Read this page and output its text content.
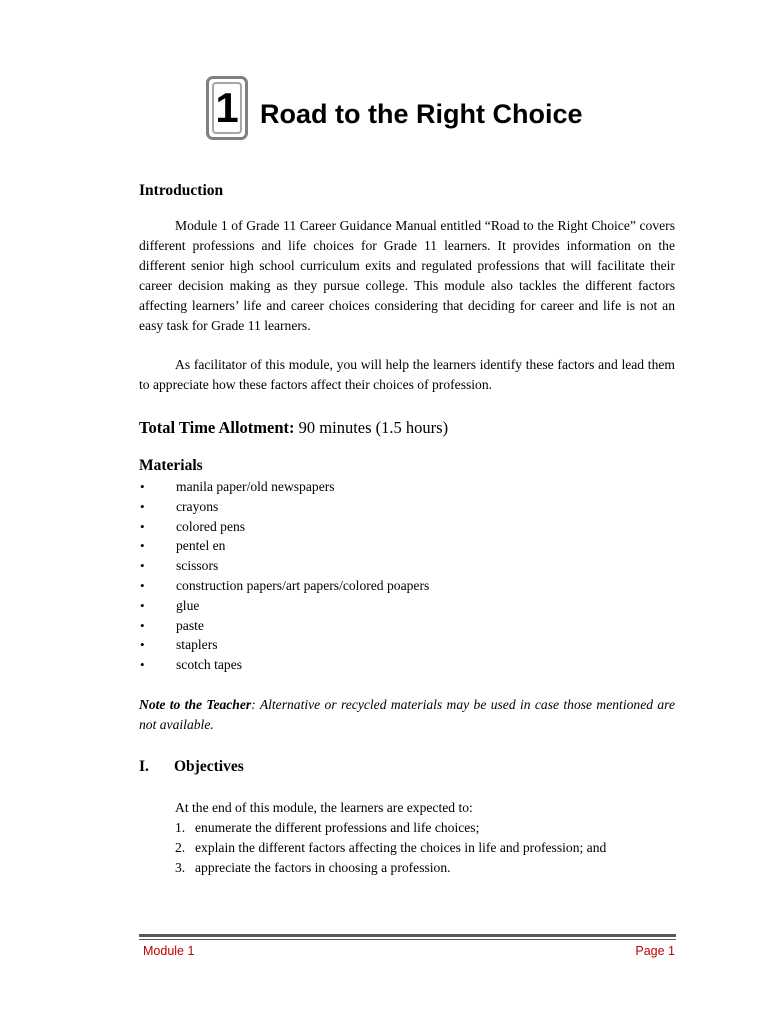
1 Road to the Right Choice
Introduction

Module 1 of Grade 11 Career Guidance Manual entitled “Road to the Right Choice” covers different professions and life choices for Grade 11 learners. It provides information on the different senior high school curriculum exits and regulated professions that will facilitate their career decision making as they pursue college. This module also tackles the different factors affecting learners’ life and career choices considering that deciding for career and life is not an easy task for Grade 11 learners.

As facilitator of this module, you will help the learners identify these factors and lead them to appreciate how these factors affect their choices of profession.

Total Time Allotment: 90 minutes (1.5 hours)
Materials
•	manila paper/old newspapers
•	crayons
•	colored pens
•	pentel en
•	scissors
•	construction papers/art papers/colored poapers
•	glue
•	paste
•	staplers
•	scotch tapes

Note to the Teacher: Alternative or recycled materials may be used in case those mentioned are not available.

I. Objectives
At the end of this module, the learners are expected to:
1. enumerate the different professions and life choices;
2. explain the different factors affecting the choices in life and profession; and
3. appreciate the factors in choosing a profession.
Module 1	Page 1
